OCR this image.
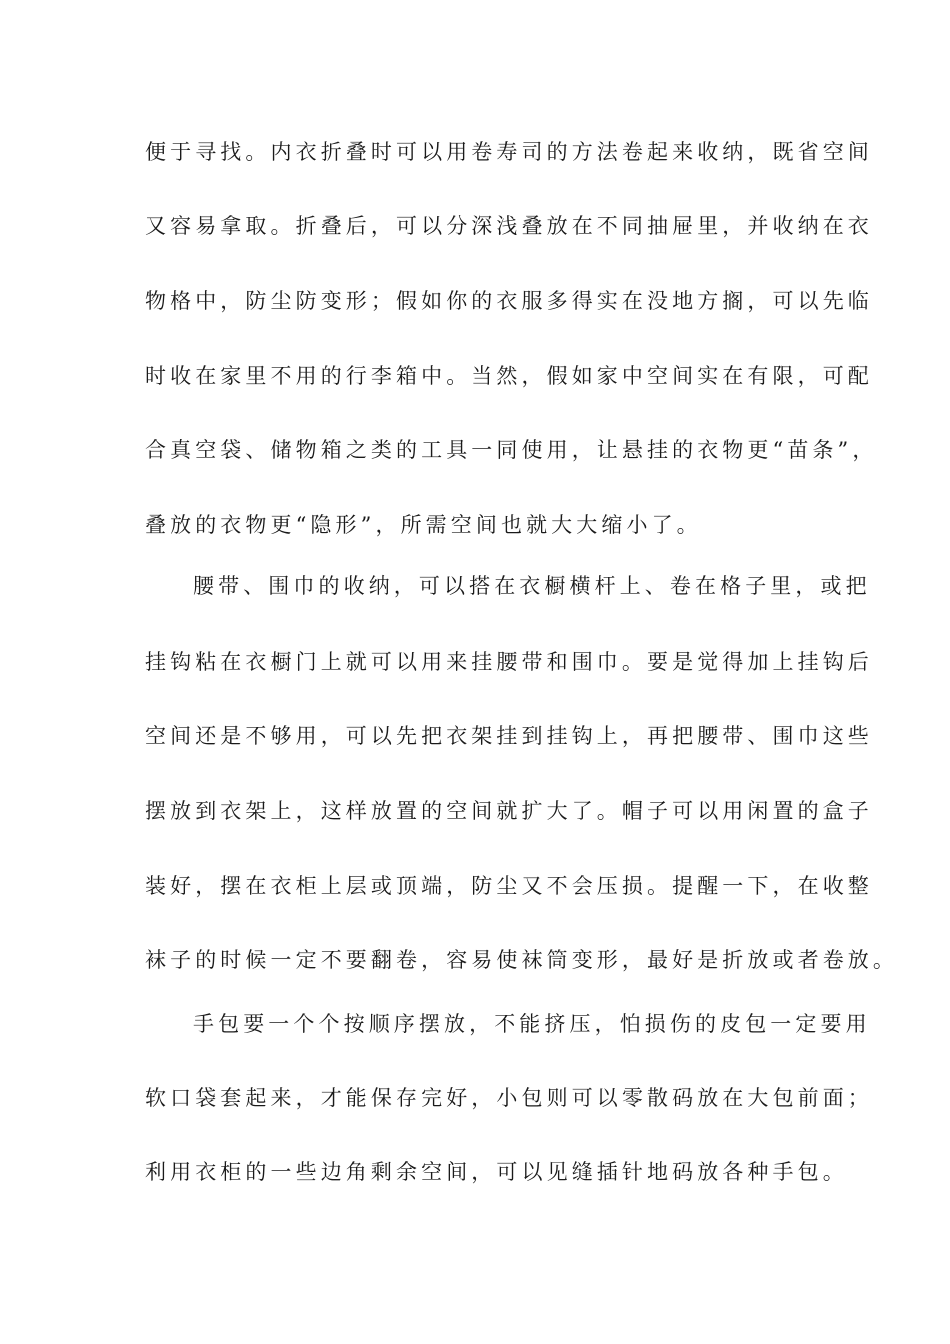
便于寻找。内衣折叠时可以用卷寿司的方法卷起来收纳，既省空间
又容易拿取。折叠后，可以分深浅叠放在不同抽屉里，并收纳在衣
物格中，防尘防变形；假如你的衣服多得实在没地方搁，可以先临
时收在家里不用的行李箱中。当然，假如家中空间实在有限，可配
合真空袋、储物箱之类的工具一同使用，让悬挂的衣物更“苗条”，
叠放的衣物更“隐形”，所需空间也就大大缩小了。
腰带、围巾的收纳，可以搭在衣橱横杆上、卷在格子里，或把
挂钩粘在衣橱门上就可以用来挂腰带和围巾。要是觉得加上挂钩后
空间还是不够用，可以先把衣架挂到挂钩上，再把腰带、围巾这些
摆放到衣架上，这样放置的空间就扩大了。帽子可以用闲置的盒子
装好，摆在衣柜上层或顶端，防尘又不会压损。提醒一下，在收整
袜子的时候一定不要翻卷，容易使袜筒变形，最好是折放或者卷放。
手包要一个个按顺序摆放，不能挤压，怕损伤的皮包一定要用
软口袋套起来，才能保存完好，小包则可以零散码放在大包前面；
利用衣柜的一些边角剩余空间，可以见缝插针地码放各种手包。
